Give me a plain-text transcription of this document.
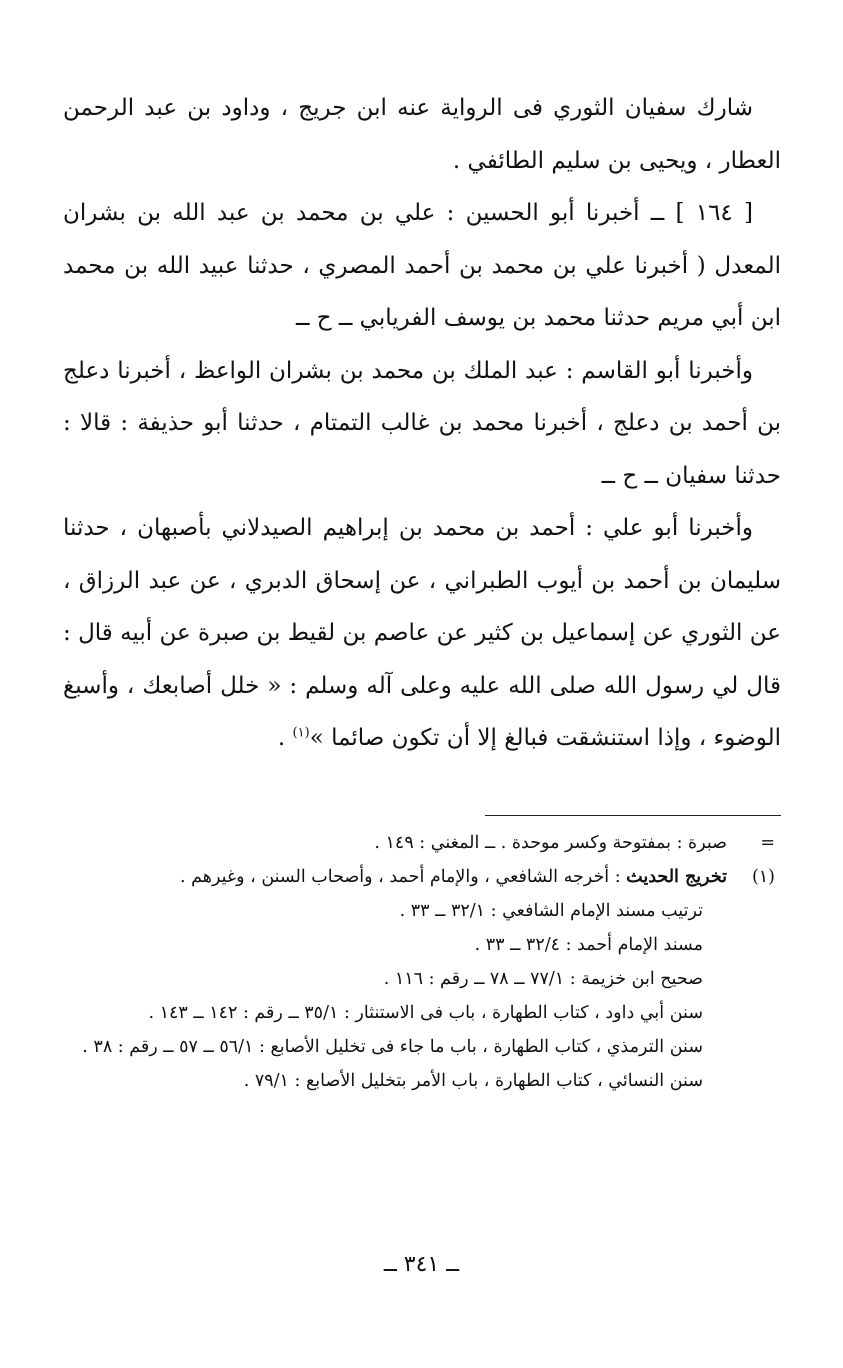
شارك سفيان الثوري فى الرواية عنه ابن جريج ، وداود بن عبد الرحمن العطار ، ويحيى بن سليم الطائفي .

[ ١٦٤ ] ــ أخبرنا أبو الحسين : علي بن محمد بن عبد الله بن بشران المعدل ( أخبرنا علي بن محمد بن أحمد المصري ، حدثنا عبيد الله بن محمد ابن أبي مريم حدثنا محمد بن يوسف الفريابي ــ ح ــ

وأخبرنا أبو القاسم : عبد الملك بن محمد بن بشران الواعظ ، أخبرنا دعلج بن أحمد بن دعلج ، أخبرنا محمد بن غالب التمتام ، حدثنا أبو حذيفة : قالا : حدثنا سفيان ــ ح ــ

وأخبرنا أبو علي : أحمد بن محمد بن إبراهيم الصيدلاني بأصبهان ، حدثنا سليمان بن أحمد بن أيوب الطبراني ، عن إسحاق الدبري ، عن عبد الرزاق ، عن الثوري عن إسماعيل بن كثير عن عاصم بن لقيط بن صبرة عن أبيه قال : قال لي رسول الله صلى الله عليه وعلى آله وسلم : « خلل أصابعك ، وأسبغ الوضوء ، وإذا استنشقت فبالغ إلا أن تكون صائما »$^{(١)}$ .

=
صبرة : بمفتوحة وكسر موحدة . ــ المغني : ١٤٩ .
(١)
تخريج الحديث : أخرجه الشافعي ، والإمام أحمد ، وأصحاب السنن ، وغيرهم .
ترتيب مسند الإمام الشافعي : ٣٢/١ ــ ٣٣ .
مسند الإمام أحمد : ٣٢/٤ ــ ٣٣ .
صحيح ابن خزيمة : ٧٧/١ ــ ٧٨ ــ رقم : ١١٦ .
سنن أبي داود ، كتاب الطهارة ، باب فى الاستنثار : ٣٥/١ ــ رقم : ١٤٢ ــ ١٤٣ .
سنن الترمذي ، كتاب الطهارة ، باب ما جاء فى تخليل الأصابع : ٥٦/١ ــ ٥٧ ــ رقم : ٣٨ .
سنن النسائي ، كتاب الطهارة ، باب الأمر بتخليل الأصابع : ٧٩/١ .
ــ ٣٤١ ــ
